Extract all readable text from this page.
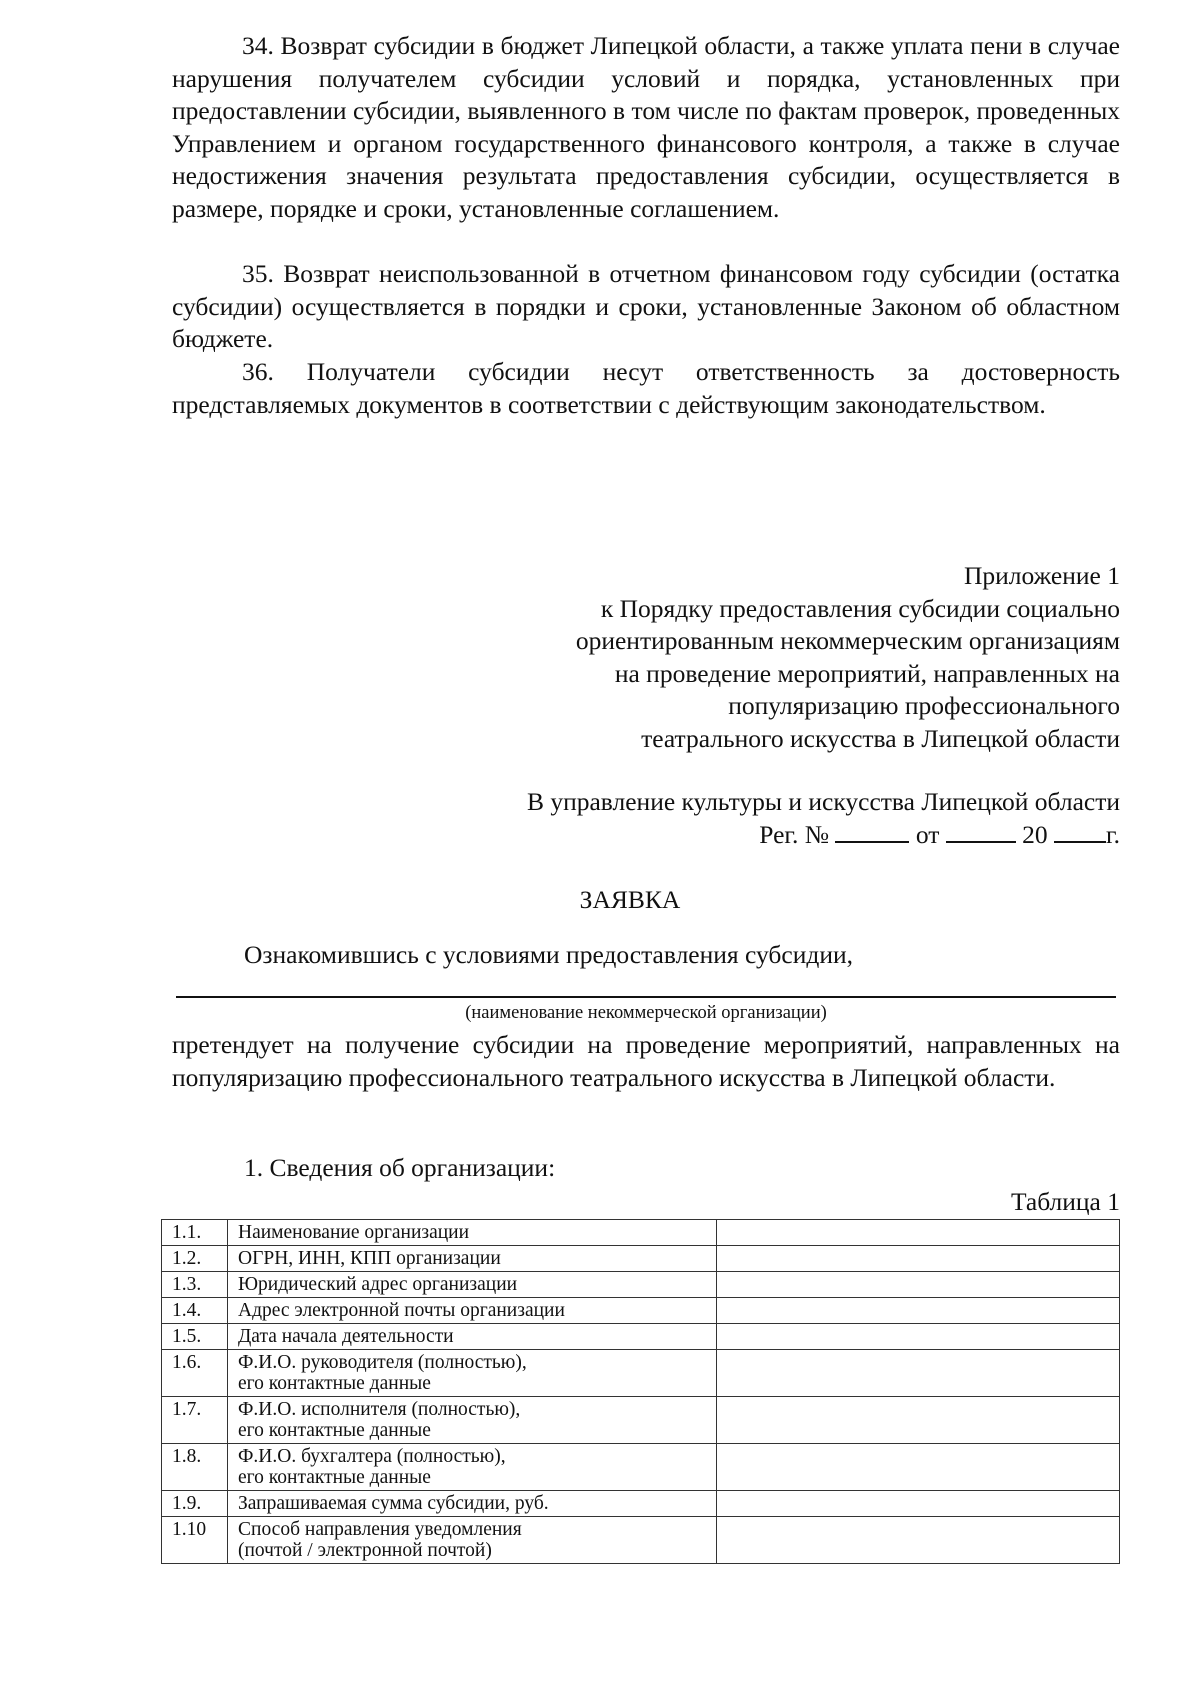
34. Возврат субсидии в бюджет Липецкой области, а также уплата пени в случае нарушения получателем субсидии условий и порядка, установленных при предоставлении субсидии, выявленного в том числе по фактам проверок, проведенных Управлением и органом государственного финансового контроля, а также в случае недостижения значения результата предоставления субсидии, осуществляется в размере, порядке и сроки, установленные соглашением.

35. Возврат неиспользованной в отчетном финансовом году субсидии (остатка субсидии) осуществляется в порядки и сроки, установленные Законом об областном бюджете.

36. Получатели субсидии несут ответственность за достоверность представляемых документов в соответствии с действующим законодательством.

Приложение 1
к Порядку предоставления субсидии социально
ориентированным некоммерческим организациям
на проведение мероприятий, направленных на
популяризацию профессионального
театрального искусства в Липецкой области
В управление культуры и искусства Липецкой области
Рег. №	от	20 г.
ЗАЯВКА
Ознакомившись с условиями предоставления субсидии,
(наименование некоммерческой организации)

претендует на получение субсидии на проведение мероприятий, направленных на популяризацию профессионального театрального искусства в Липецкой области.

1. Сведения об организации:
Таблица 1
1.1.	Наименование организации	
1.2.	ОГРН, ИНН, КПП организации	
1.3.	Юридический адрес организации	
1.4.	Адрес электронной почты организации	
1.5.	Дата начала деятельности	
1.6.	Ф.И.О. руководителя (полностью),
его контактные данные	
1.7.	Ф.И.О. исполнителя (полностью),
его контактные данные	
1.8.	Ф.И.О. бухгалтера (полностью),
его контактные данные	
1.9.	Запрашиваемая сумма субсидии, руб.	
1.10	Способ направления уведомления
(почтой / электронной почтой)	
